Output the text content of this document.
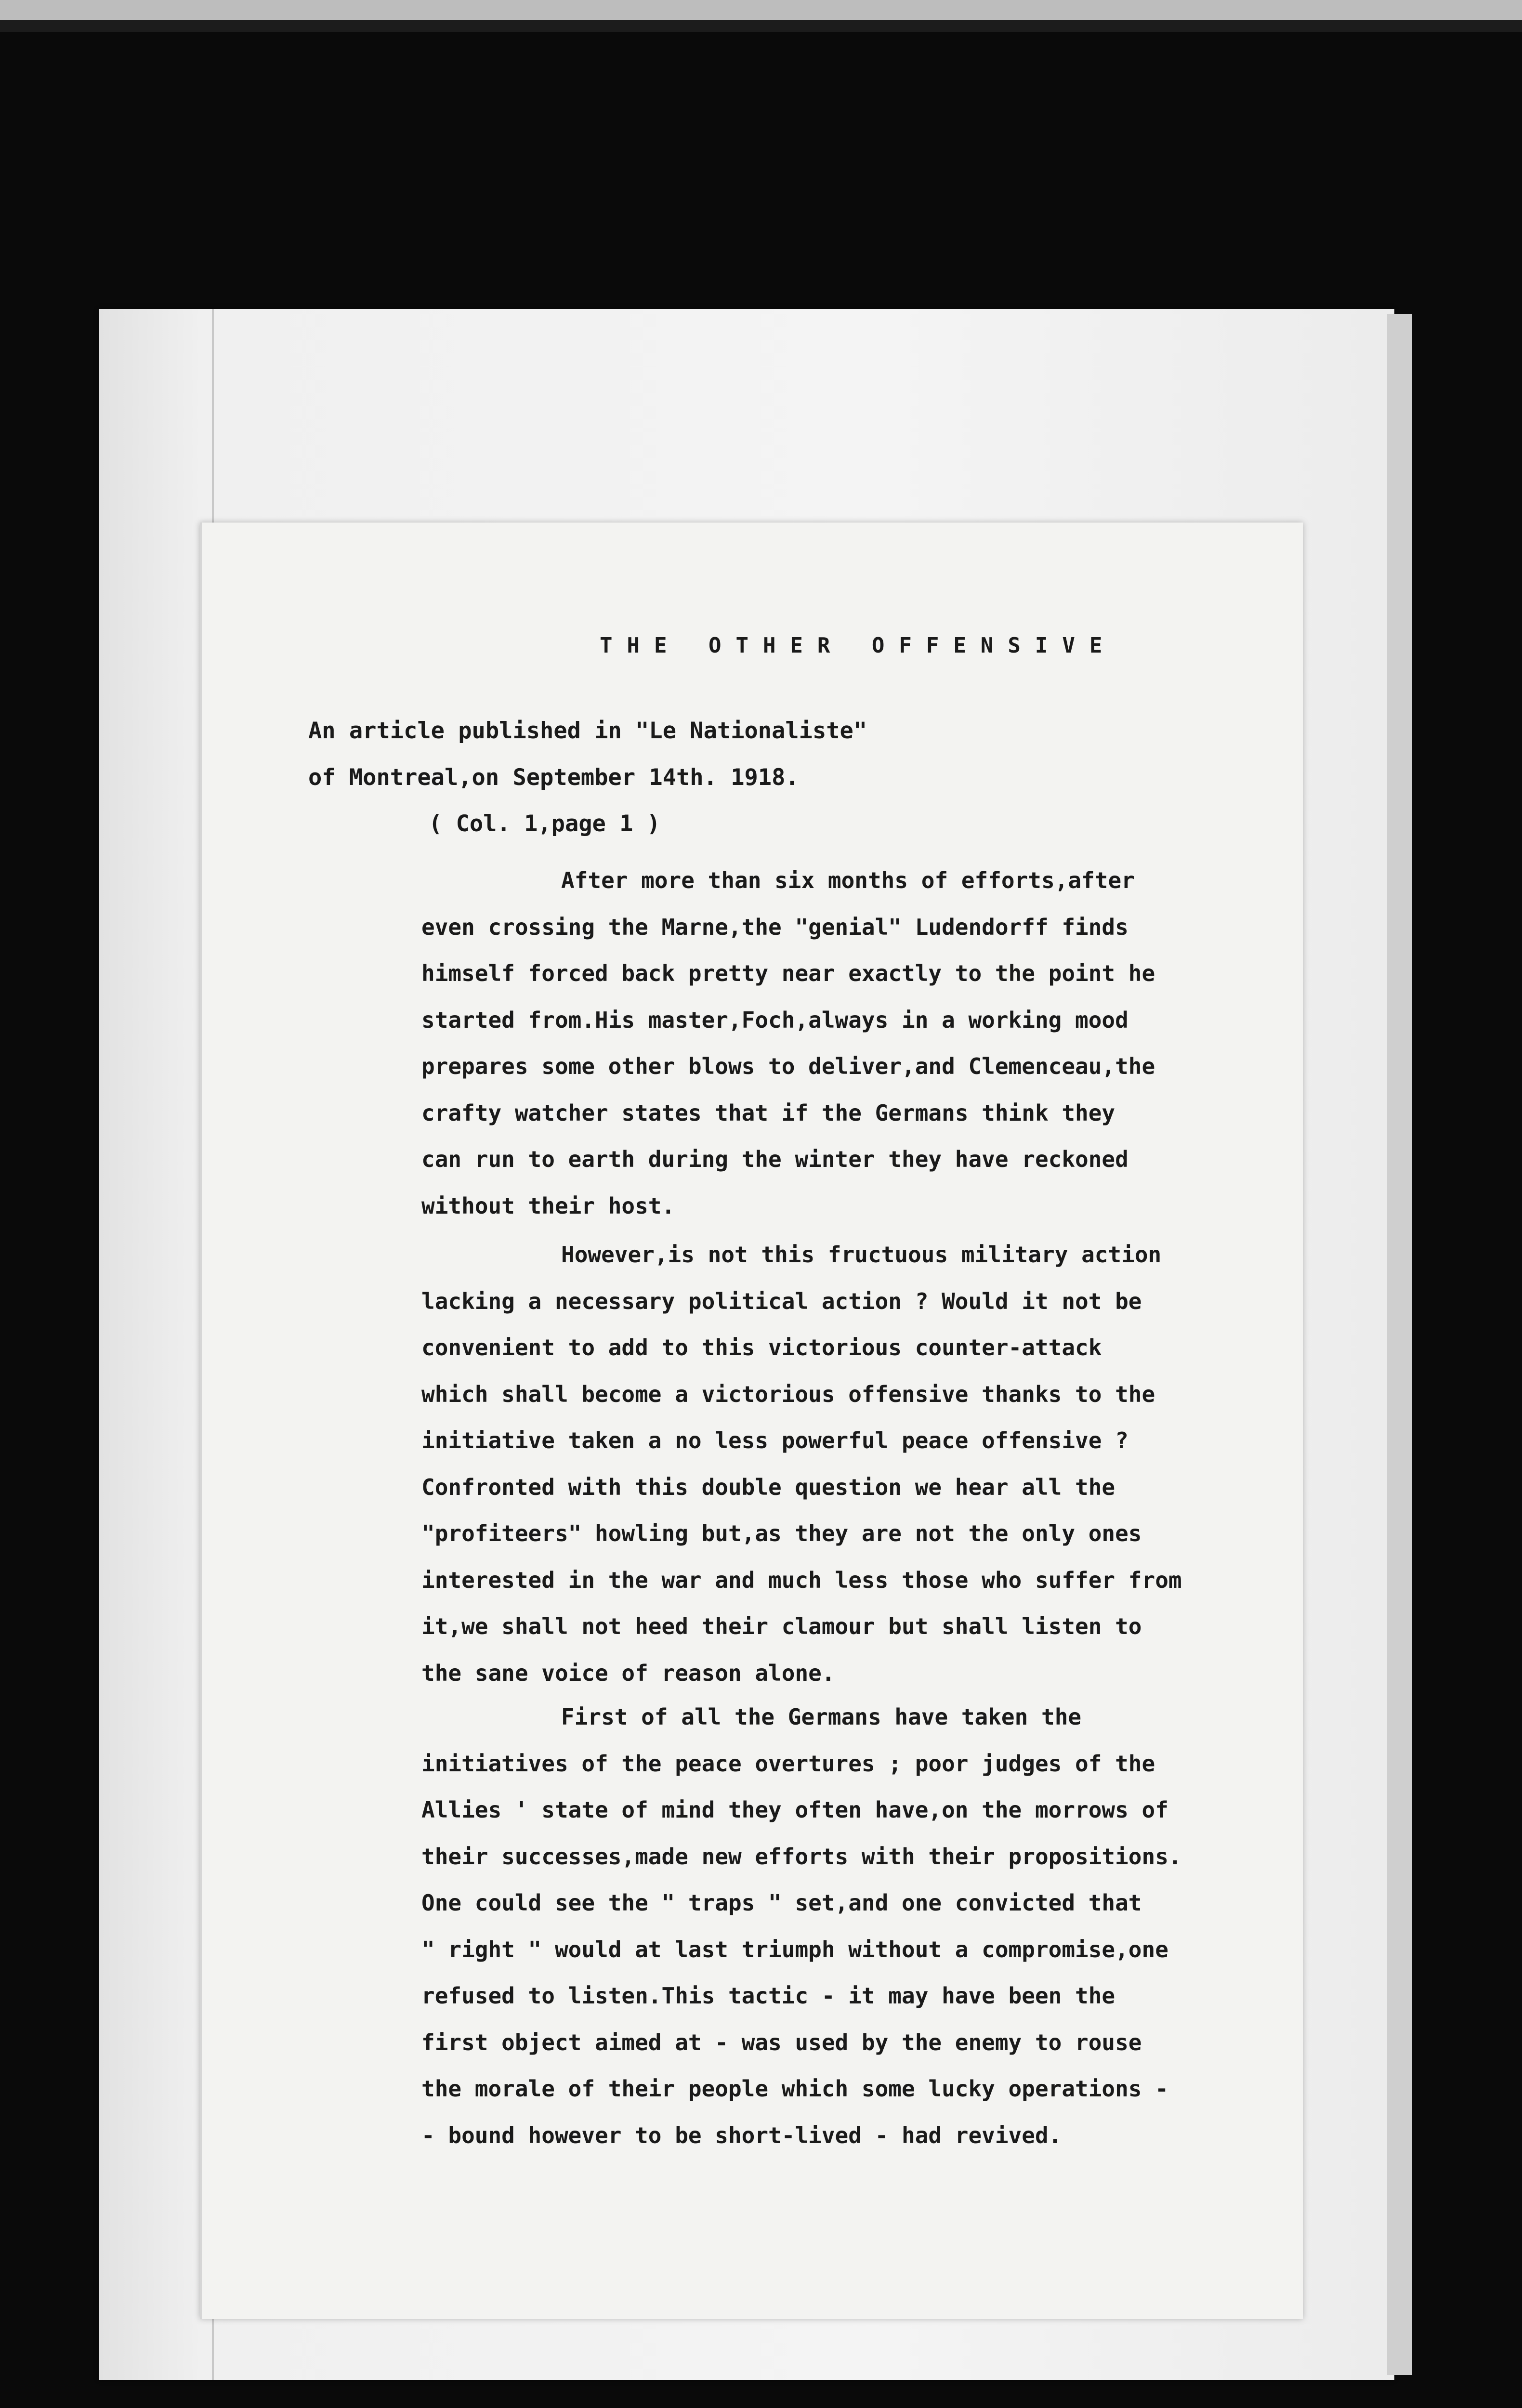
THE OTHER OFFENSIVE
An article published in "Le Nationaliste"
of Montreal,on September 14th. 1918.
( Col. 1,page 1 )
After more than six months of efforts,after
even crossing the Marne,the "genial" Ludendorff finds
himself forced back pretty near exactly to the point he
started from.His master,Foch,always in a working mood
prepares some other blows to deliver,and Clemenceau,the
crafty watcher states that if the Germans think they
can run to earth during the winter they have reckoned
without their host.
However,is not this fructuous military action
lacking a necessary political action ? Would it not be
convenient to add to this victorious counter-attack
which shall become a victorious offensive thanks to the
initiative taken a no less powerful peace offensive ?
Confronted with this double question we hear all the
"profiteers" howling but,as they are not the only ones
interested in the war and much less those who suffer from
it,we shall not heed their clamour but shall listen to
the sane voice of reason alone.
First of all the Germans have taken the
initiatives of the peace overtures ; poor judges of the
Allies ' state of mind they often have,on the morrows of
their successes,made new efforts with their propositions.
One could see the " traps " set,and one convicted that
" right " would at last triumph without a compromise,one
refused to listen.This tactic - it may have been the
first object aimed at - was used by the enemy to rouse
the morale of their people which some lucky operations -
- bound however to be short-lived - had revived.
